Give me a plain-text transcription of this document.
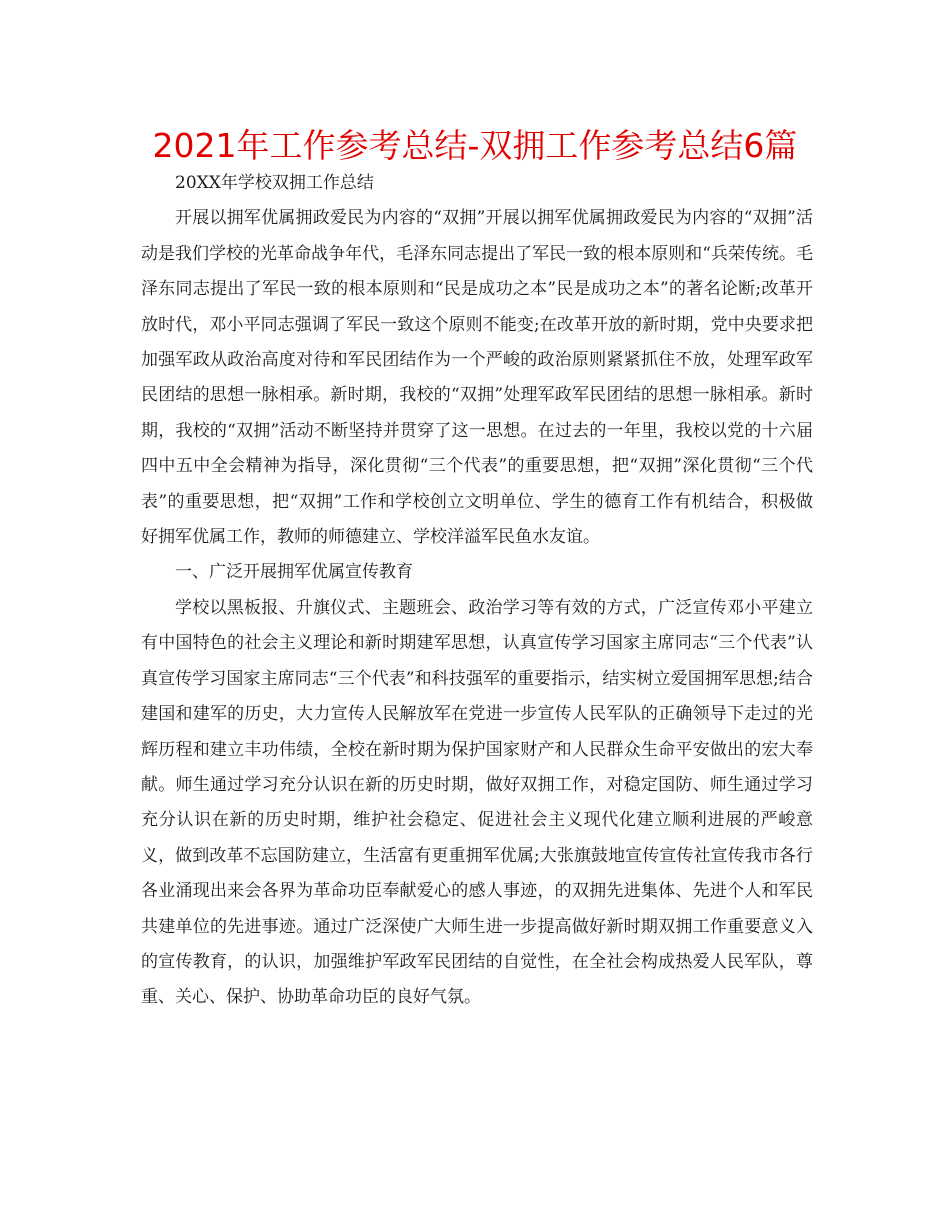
2021年工作参考总结-双拥工作参考总结6篇

20XX年学校双拥工作总结

开展以拥军优属拥政爱民为内容的“双拥”开展以拥军优属拥政爱民为内容的“双拥”活动是我们学校的光革命战争年代，毛泽东同志提出了军民一致的根本原则和“兵荣传统。毛泽东同志提出了军民一致的根本原则和“民是成功之本”民是成功之本”的著名论断;改革开放时代，邓小平同志强调了军民一致这个原则不能变;在改革开放的新时期，党中央要求把加强军政从政治高度对待和军民团结作为一个严峻的政治原则紧紧抓住不放，处理军政军民团结的思想一脉相承。新时期，我校的“双拥”处理军政军民团结的思想一脉相承。新时期，我校的“双拥”活动不断坚持并贯穿了这一思想。在过去的一年里，我校以党的十六届四中五中全会精神为指导，深化贯彻“三个代表”的重要思想，把“双拥”深化贯彻“三个代表”的重要思想，把“双拥”工作和学校创立文明单位、学生的德育工作有机结合，积极做好拥军优属工作，教师的师德建立、学校洋溢军民鱼水友谊。

一、广泛开展拥军优属宣传教育

学校以黑板报、升旗仪式、主题班会、政治学习等有效的方式，广泛宣传邓小平建立有中国特色的社会主义理论和新时期建军思想，认真宣传学习国家主席同志“三个代表”认真宣传学习国家主席同志“三个代表”和科技强军的重要指示，结实树立爱国拥军思想;结合建国和建军的历史，大力宣传人民解放军在党进一步宣传人民军队的正确领导下走过的光辉历程和建立丰功伟绩，全校在新时期为保护国家财产和人民群众生命平安做出的宏大奉献。师生通过学习充分认识在新的历史时期，做好双拥工作，对稳定国防、师生通过学习充分认识在新的历史时期，维护社会稳定、促进社会主义现代化建立顺利进展的严峻意义，做到改革不忘国防建立，生活富有更重拥军优属;大张旗鼓地宣传宣传社宣传我市各行各业涌现出来会各界为革命功臣奉献爱心的感人事迹，的双拥先进集体、先进个人和军民共建单位的先进事迹。通过广泛深使广大师生进一步提高做好新时期双拥工作重要意义入的宣传教育，的认识，加强维护军政军民团结的自觉性，在全社会构成热爱人民军队，尊重、关心、保护、协助革命功臣的良好气氛。
